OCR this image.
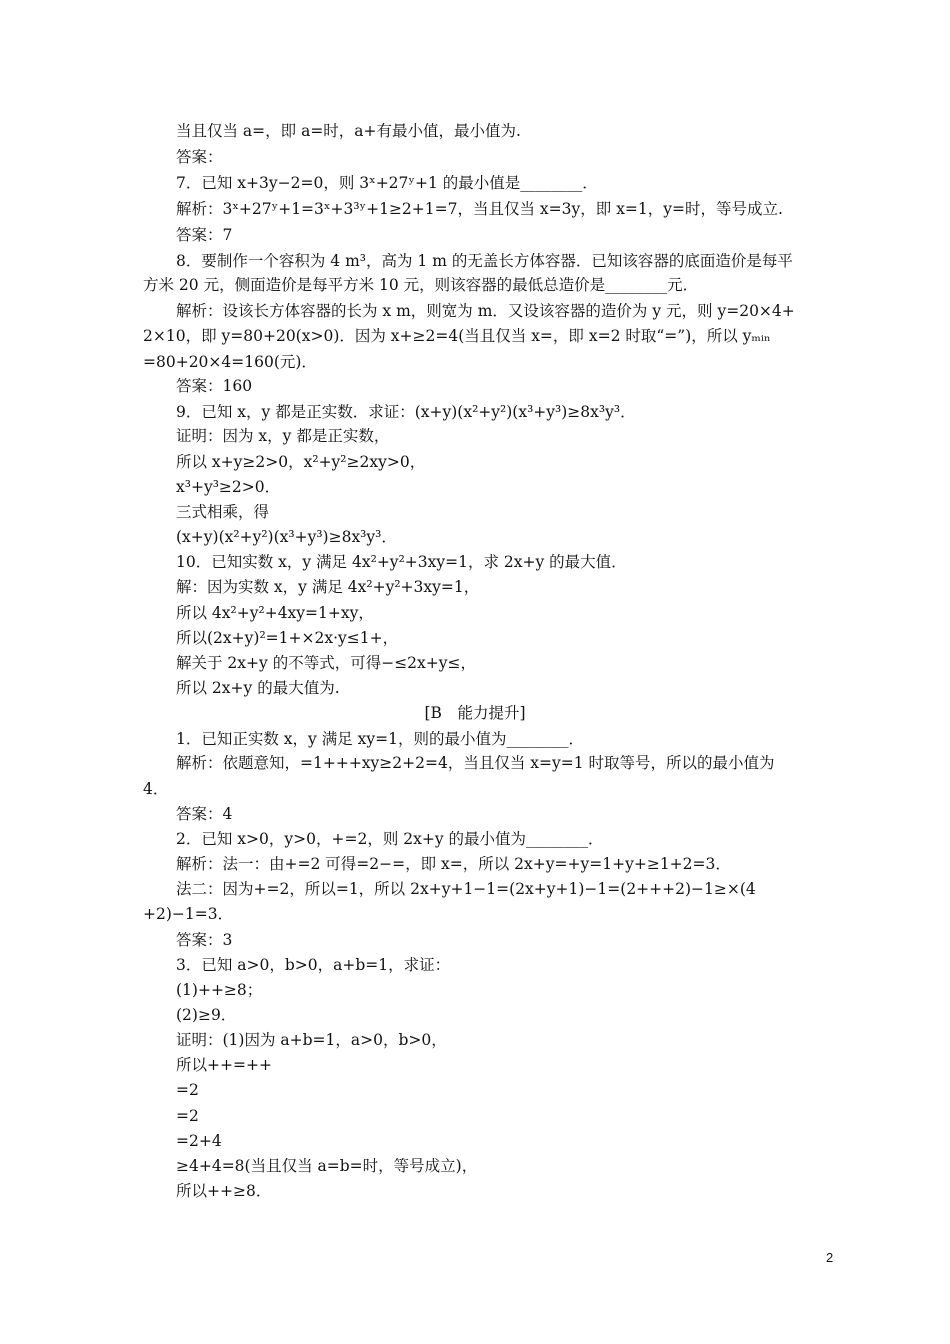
当且仅当 a=，即 a=时，a+有最小值，最小值为.
答案：
7．已知 x+3y−2=0，则 3ˣ+27ʸ+1 的最小值是________．
解析：3ˣ+27ʸ+1=3ˣ+3³ʸ+1≥2+1=7，当且仅当 x=3y，即 x=1，y=时，等号成立.
答案：7
8．要制作一个容积为 4 m³，高为 1 m 的无盖长方体容器．已知该容器的底面造价是每平
方米 20 元，侧面造价是每平方米 10 元，则该容器的最低总造价是________元．
解析：设该长方体容器的长为 x m，则宽为 m．又设该容器的造价为 y 元，则 y=20×4+
2×10，即 y=80+20(x>0)．因为 x+≥2=4(当且仅当 x=，即 x=2 时取“=”)，所以 yₘᵢₙ
=80+20×4=160(元)．
答案：160
9．已知 x，y 都是正实数．求证：(x+y)(x²+y²)(x³+y³)≥8x³y³．
证明：因为 x，y 都是正实数，
所以 x+y≥2>0，x²+y²≥2xy>0，
x³+y³≥2>0．
三式相乘，得
(x+y)(x²+y²)(x³+y³)≥8x³y³．
10．已知实数 x，y 满足 4x²+y²+3xy=1，求 2x+y 的最大值．
解：因为实数 x，y 满足 4x²+y²+3xy=1，
所以 4x²+y²+4xy=1+xy，
所以(2x+y)²=1+×2x·y≤1+，
解关于 2x+y 的不等式，可得−≤2x+y≤，
所以 2x+y 的最大值为.
[B　能力提升]
1．已知正实数 x，y 满足 xy=1，则的最小值为________．
解析：依题意知，=1+++xy≥2+2=4，当且仅当 x=y=1 时取等号，所以的最小值为
4．
答案：4
2．已知 x>0，y>0，+=2，则 2x+y 的最小值为________．
解析：法一：由+=2 可得=2−=，即 x=，所以 2x+y=+y=1+y+≥1+2=3．
法二：因为+=2，所以=1，所以 2x+y+1−1=(2x+y+1)−1=(2+++2)−1≥×(4
+2)−1=3．
答案：3
3．已知 a>0，b>0，a+b=1，求证：
(1)++≥8；
(2)≥9．
证明：(1)因为 a+b=1，a>0，b>0，
所以++=++
=2
=2
=2+4
≥4+4=8(当且仅当 a=b=时，等号成立)，
所以++≥8．
2
